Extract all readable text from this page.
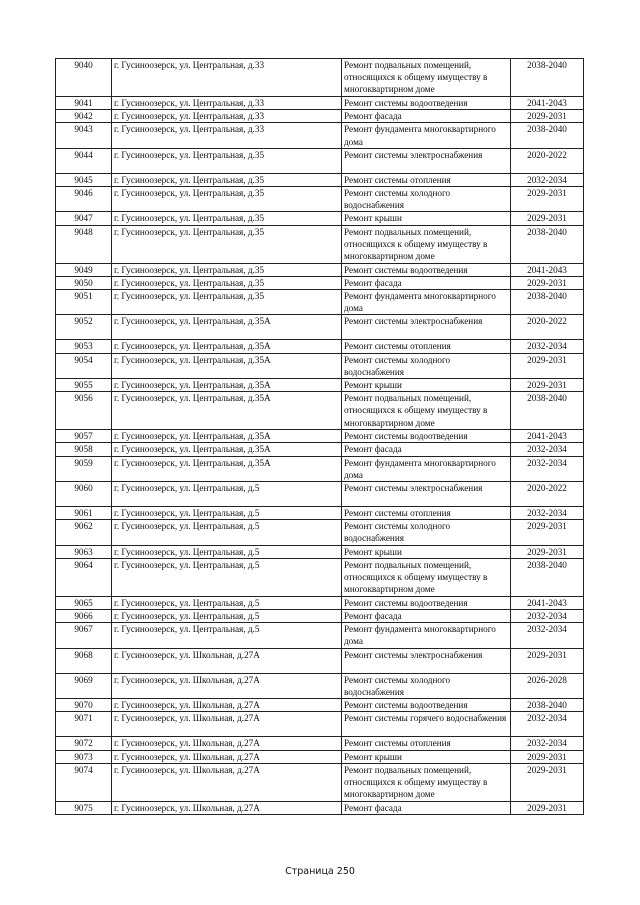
9040	г. Гусиноозерск, ул. Центральная, д.33	Ремонт подвальных помещений, относящихся к общему имуществу в многоквартирном доме	2038-2040
9041	г. Гусиноозерск, ул. Центральная, д.33	Ремонт системы водоотведения	2041-2043
9042	г. Гусиноозерск, ул. Центральная, д.33	Ремонт фасада	2029-2031
9043	г. Гусиноозерск, ул. Центральная, д.33	Ремонт фундамента многоквартирного дома	2038-2040
9044	г. Гусиноозерск, ул. Центральная, д.35	Ремонт системы электроснабжения	2020-2022
9045	г. Гусиноозерск, ул. Центральная, д.35	Ремонт системы отопления	2032-2034
9046	г. Гусиноозерск, ул. Центральная, д.35	Ремонт системы холодного водоснабжения	2029-2031
9047	г. Гусиноозерск, ул. Центральная, д.35	Ремонт крыши	2029-2031
9048	г. Гусиноозерск, ул. Центральная, д.35	Ремонт подвальных помещений, относящихся к общему имуществу в многоквартирном доме	2038-2040
9049	г. Гусиноозерск, ул. Центральная, д.35	Ремонт системы водоотведения	2041-2043
9050	г. Гусиноозерск, ул. Центральная, д.35	Ремонт фасада	2029-2031
9051	г. Гусиноозерск, ул. Центральная, д.35	Ремонт фундамента многоквартирного дома	2038-2040
9052	г. Гусиноозерск, ул. Центральная, д.35А	Ремонт системы электроснабжения	2020-2022
9053	г. Гусиноозерск, ул. Центральная, д.35А	Ремонт системы отопления	2032-2034
9054	г. Гусиноозерск, ул. Центральная, д.35А	Ремонт системы холодного водоснабжения	2029-2031
9055	г. Гусиноозерск, ул. Центральная, д.35А	Ремонт крыши	2029-2031
9056	г. Гусиноозерск, ул. Центральная, д.35А	Ремонт подвальных помещений, относящихся к общему имуществу в многоквартирном доме	2038-2040
9057	г. Гусиноозерск, ул. Центральная, д.35А	Ремонт системы водоотведения	2041-2043
9058	г. Гусиноозерск, ул. Центральная, д.35А	Ремонт фасада	2032-2034
9059	г. Гусиноозерск, ул. Центральная, д.35А	Ремонт фундамента многоквартирного дома	2032-2034
9060	г. Гусиноозерск, ул. Центральная, д.5	Ремонт системы электроснабжения	2020-2022
9061	г. Гусиноозерск, ул. Центральная, д.5	Ремонт системы отопления	2032-2034
9062	г. Гусиноозерск, ул. Центральная, д.5	Ремонт системы холодного водоснабжения	2029-2031
9063	г. Гусиноозерск, ул. Центральная, д.5	Ремонт крыши	2029-2031
9064	г. Гусиноозерск, ул. Центральная, д.5	Ремонт подвальных помещений, относящихся к общему имуществу в многоквартирном доме	2038-2040
9065	г. Гусиноозерск, ул. Центральная, д.5	Ремонт системы водоотведения	2041-2043
9066	г. Гусиноозерск, ул. Центральная, д.5	Ремонт фасада	2032-2034
9067	г. Гусиноозерск, ул. Центральная, д.5	Ремонт фундамента многоквартирного дома	2032-2034
9068	г. Гусиноозерск, ул. Школьная, д.27А	Ремонт системы электроснабжения	2029-2031
9069	г. Гусиноозерск, ул. Школьная, д.27А	Ремонт системы холодного водоснабжения	2026-2028
9070	г. Гусиноозерск, ул. Школьная, д.27А	Ремонт системы водоотведения	2038-2040
9071	г. Гусиноозерск, ул. Школьная, д.27А	Ремонт системы горячего водоснабжения	2032-2034
9072	г. Гусиноозерск, ул. Школьная, д.27А	Ремонт системы отопления	2032-2034
9073	г. Гусиноозерск, ул. Школьная, д.27А	Ремонт крыши	2029-2031
9074	г. Гусиноозерск, ул. Школьная, д.27А	Ремонт подвальных помещений, относящихся к общему имуществу в многоквартирном доме	2029-2031
9075	г. Гусиноозерск, ул. Школьная, д.27А	Ремонт фасада	2029-2031
Страница 250
